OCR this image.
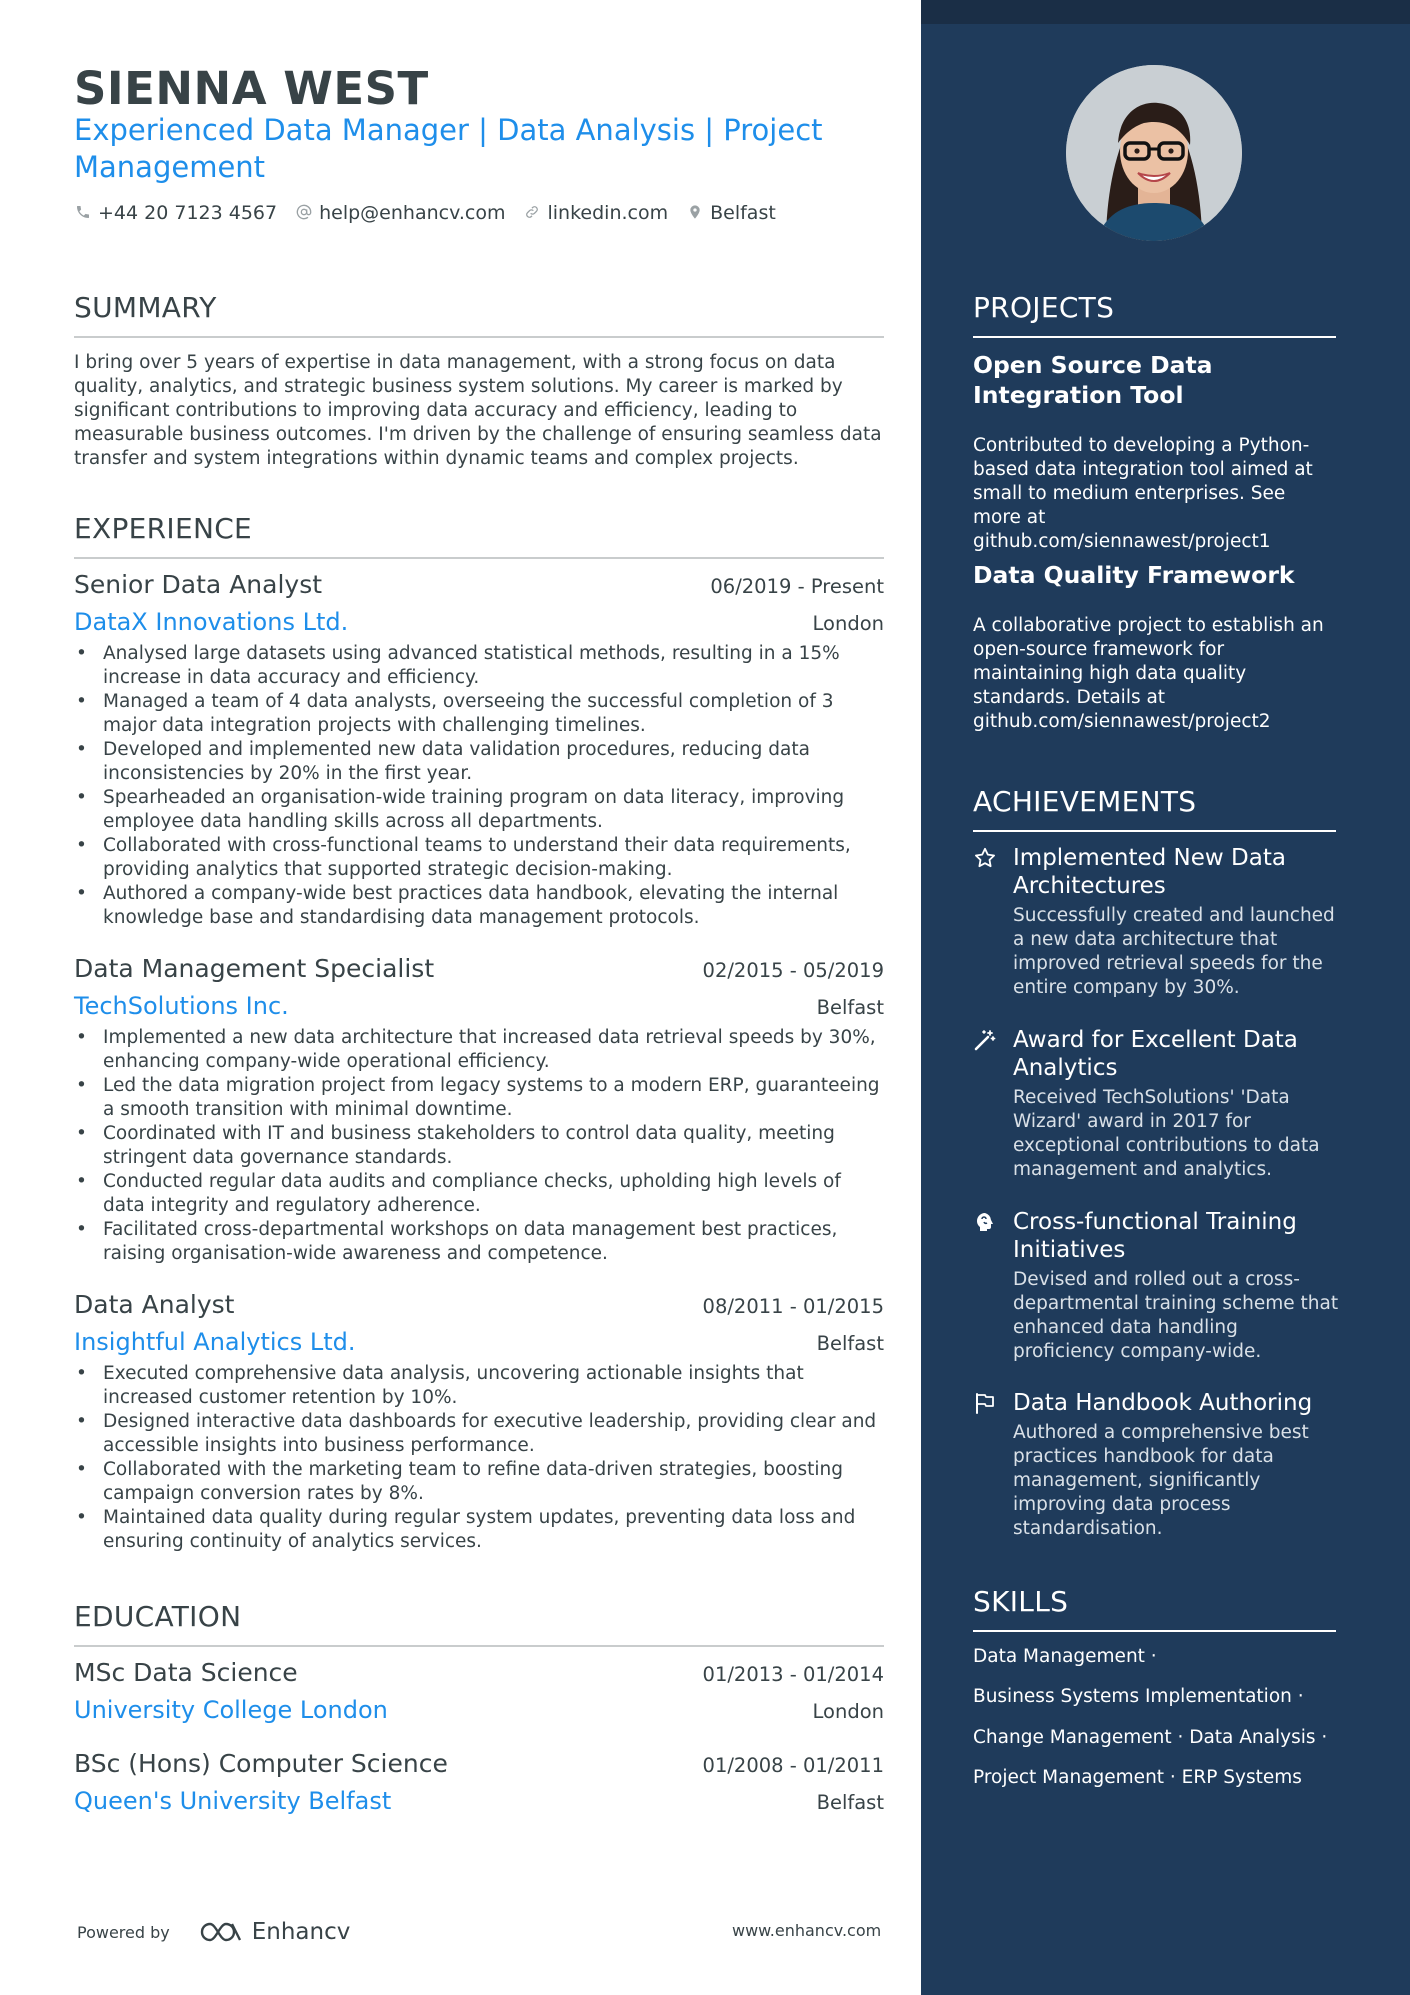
SIENNA WEST
Experienced Data Manager | Data Analysis | Project Management
+44 20 7123 4567 help@enhancv.com linkedin.com Belfast
SUMMARY
I bring over 5 years of expertise in data management, with a strong focus on data quality, analytics, and strategic business system solutions. My career is marked by significant contributions to improving data accuracy and efficiency, leading to measurable business outcomes. I'm driven by the challenge of ensuring seamless data transfer and system integrations within dynamic teams and complex projects.
EXPERIENCE
Senior Data Analyst	06/2019 - Present
DataX Innovations Ltd.	London
• Analysed large datasets using advanced statistical methods, resulting in a 15% increase in data accuracy and efficiency.
• Managed a team of 4 data analysts, overseeing the successful completion of 3 major data integration projects with challenging timelines.
• Developed and implemented new data validation procedures, reducing data inconsistencies by 20% in the first year.
• Spearheaded an organisation-wide training program on data literacy, improving employee data handling skills across all departments.
• Collaborated with cross-functional teams to understand their data requirements, providing analytics that supported strategic decision-making.
• Authored a company-wide best practices data handbook, elevating the internal knowledge base and standardising data management protocols.
Data Management Specialist	02/2015 - 05/2019
TechSolutions Inc.	Belfast
• Implemented a new data architecture that increased data retrieval speeds by 30%, enhancing company-wide operational efficiency.
• Led the data migration project from legacy systems to a modern ERP, guaranteeing a smooth transition with minimal downtime.
• Coordinated with IT and business stakeholders to control data quality, meeting stringent data governance standards.
• Conducted regular data audits and compliance checks, upholding high levels of data integrity and regulatory adherence.
• Facilitated cross-departmental workshops on data management best practices, raising organisation-wide awareness and competence.
Data Analyst	08/2011 - 01/2015
Insightful Analytics Ltd.	Belfast
• Executed comprehensive data analysis, uncovering actionable insights that increased customer retention by 10%.
• Designed interactive data dashboards for executive leadership, providing clear and accessible insights into business performance.
• Collaborated with the marketing team to refine data-driven strategies, boosting campaign conversion rates by 8%.
• Maintained data quality during regular system updates, preventing data loss and ensuring continuity of analytics services.
EDUCATION
MSc Data Science	01/2013 - 01/2014
University College London	London
BSc (Hons) Computer Science	01/2008 - 01/2011
Queen's University Belfast	Belfast
Powered by	Enhancv	www.enhancv.com
PROJECTS
Open Source Data Integration Tool
Contributed to developing a Python-based data integration tool aimed at small to medium enterprises. See more at github.com/siennawest/project1
Data Quality Framework
A collaborative project to establish an open-source framework for maintaining high data quality standards. Details at github.com/siennawest/project2
ACHIEVEMENTS
Implemented New Data Architectures
Successfully created and launched a new data architecture that improved retrieval speeds for the entire company by 30%.
Award for Excellent Data Analytics
Received TechSolutions' 'Data Wizard' award in 2017 for exceptional contributions to data management and analytics.
Cross-functional Training Initiatives
Devised and rolled out a cross-departmental training scheme that enhanced data handling proficiency company-wide.
Data Handbook Authoring
Authored a comprehensive best practices handbook for data management, significantly improving data process standardisation.
SKILLS
Data Management ·
Business Systems Implementation ·
Change Management · Data Analysis ·
Project Management · ERP Systems
